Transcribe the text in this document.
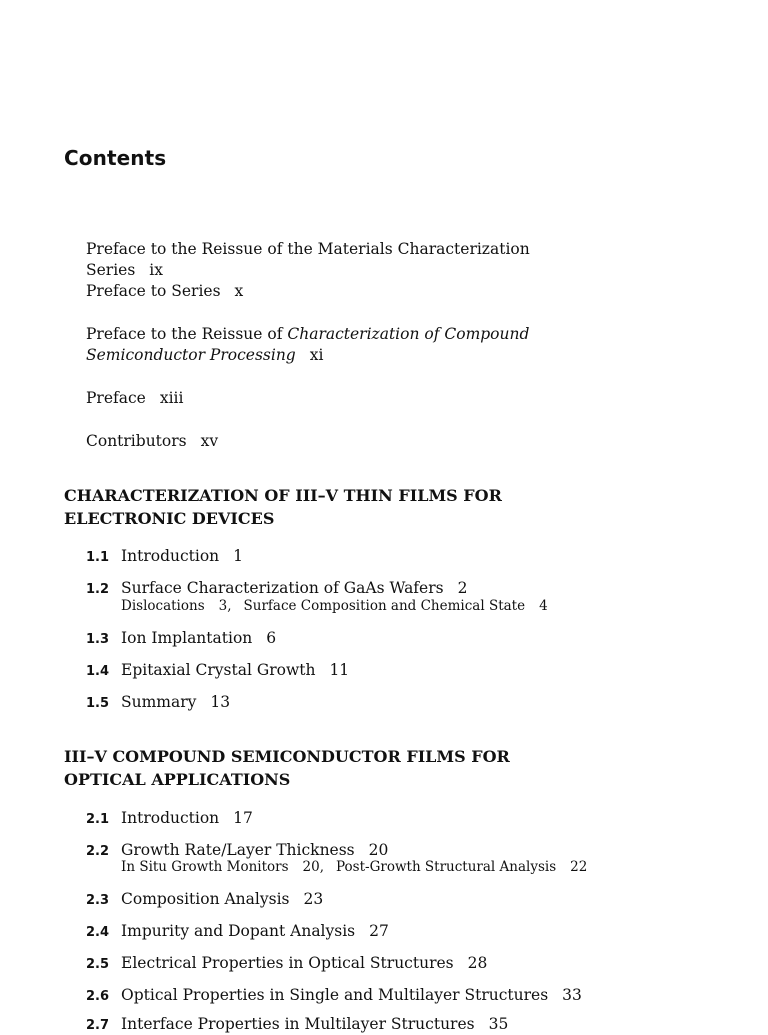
Contents
Preface to the Reissue of the Materials Characterization Series ix
Preface to Series x
Preface to the Reissue of Characterization of Compound
Semiconductor Processing xi
Preface xiii
Contributors xv
CHARACTERIZATION OF III–V THIN FILMS FOR
ELECTRONIC DEVICES
1.1 Introduction 1
1.2 Surface Characterization of GaAs Wafers 2
Dislocations 3, Surface Composition and Chemical State 4
1.3 Ion Implantation 6
1.4 Epitaxial Crystal Growth 11
1.5 Summary 13
III–V COMPOUND SEMICONDUCTOR FILMS FOR
OPTICAL APPLICATIONS
2.1 Introduction 17
2.2 Growth Rate/Layer Thickness 20
In Situ Growth Monitors 20, Post-Growth Structural Analysis 22
2.3 Composition Analysis 23
2.4 Impurity and Dopant Analysis 27
2.5 Electrical Properties in Optical Structures 28
2.6 Optical Properties in Single and Multilayer Structures 33
2.7 Interface Properties in Multilayer Structures 35
